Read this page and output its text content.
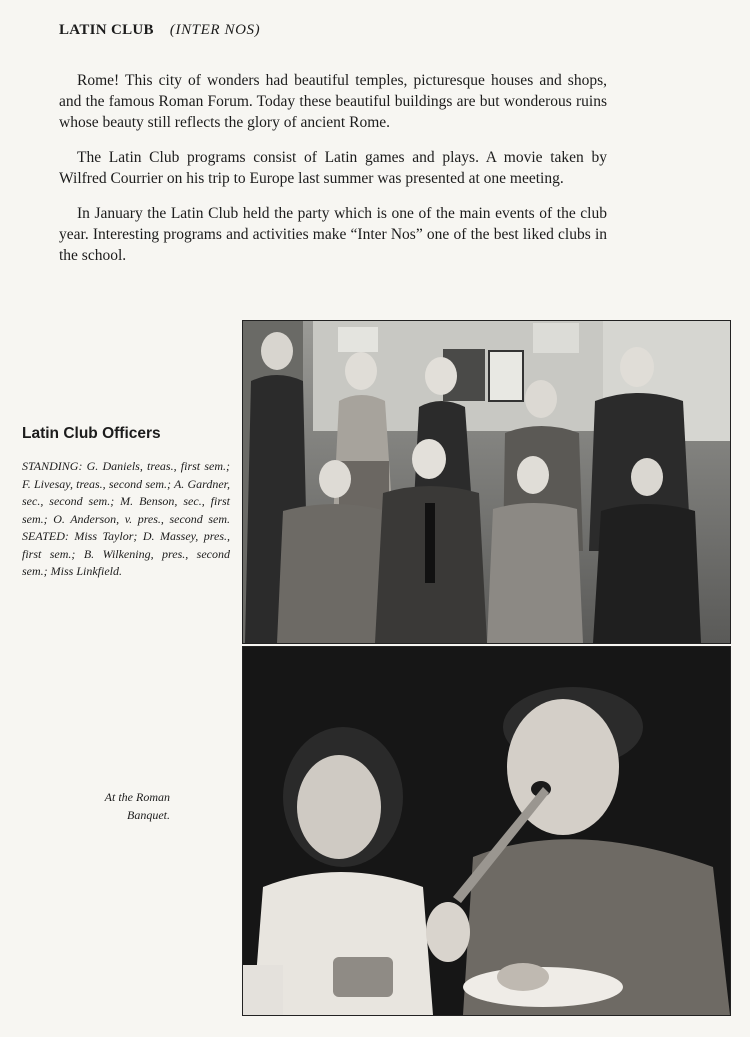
LATIN CLUB (INTER NOS)

Rome! This city of wonders had beautiful temples, picturesque houses and shops, and the famous Roman Forum. Today these beautiful buildings are but wonderous ruins whose beauty still reflects the glory of ancient Rome.

The Latin Club programs consist of Latin games and plays. A movie taken by Wilfred Courrier on his trip to Europe last summer was presented at one meeting.

In January the Latin Club held the party which is one of the main events of the club year. Interesting programs and activities make “Inter Nos” one of the best liked clubs in the school.

Latin Club Officers
STANDING: G. Daniels, treas., first sem.; F. Livesay, treas., second sem.; A. Gardner, sec., second sem.; M. Benson, sec., first sem.; O. Anderson, v. pres., second sem. SEATED: Miss Taylor; D. Massey, pres., first sem.; B. Wilkening, pres., second sem.; Miss Linkfield.
At the Roman
Banquet.
